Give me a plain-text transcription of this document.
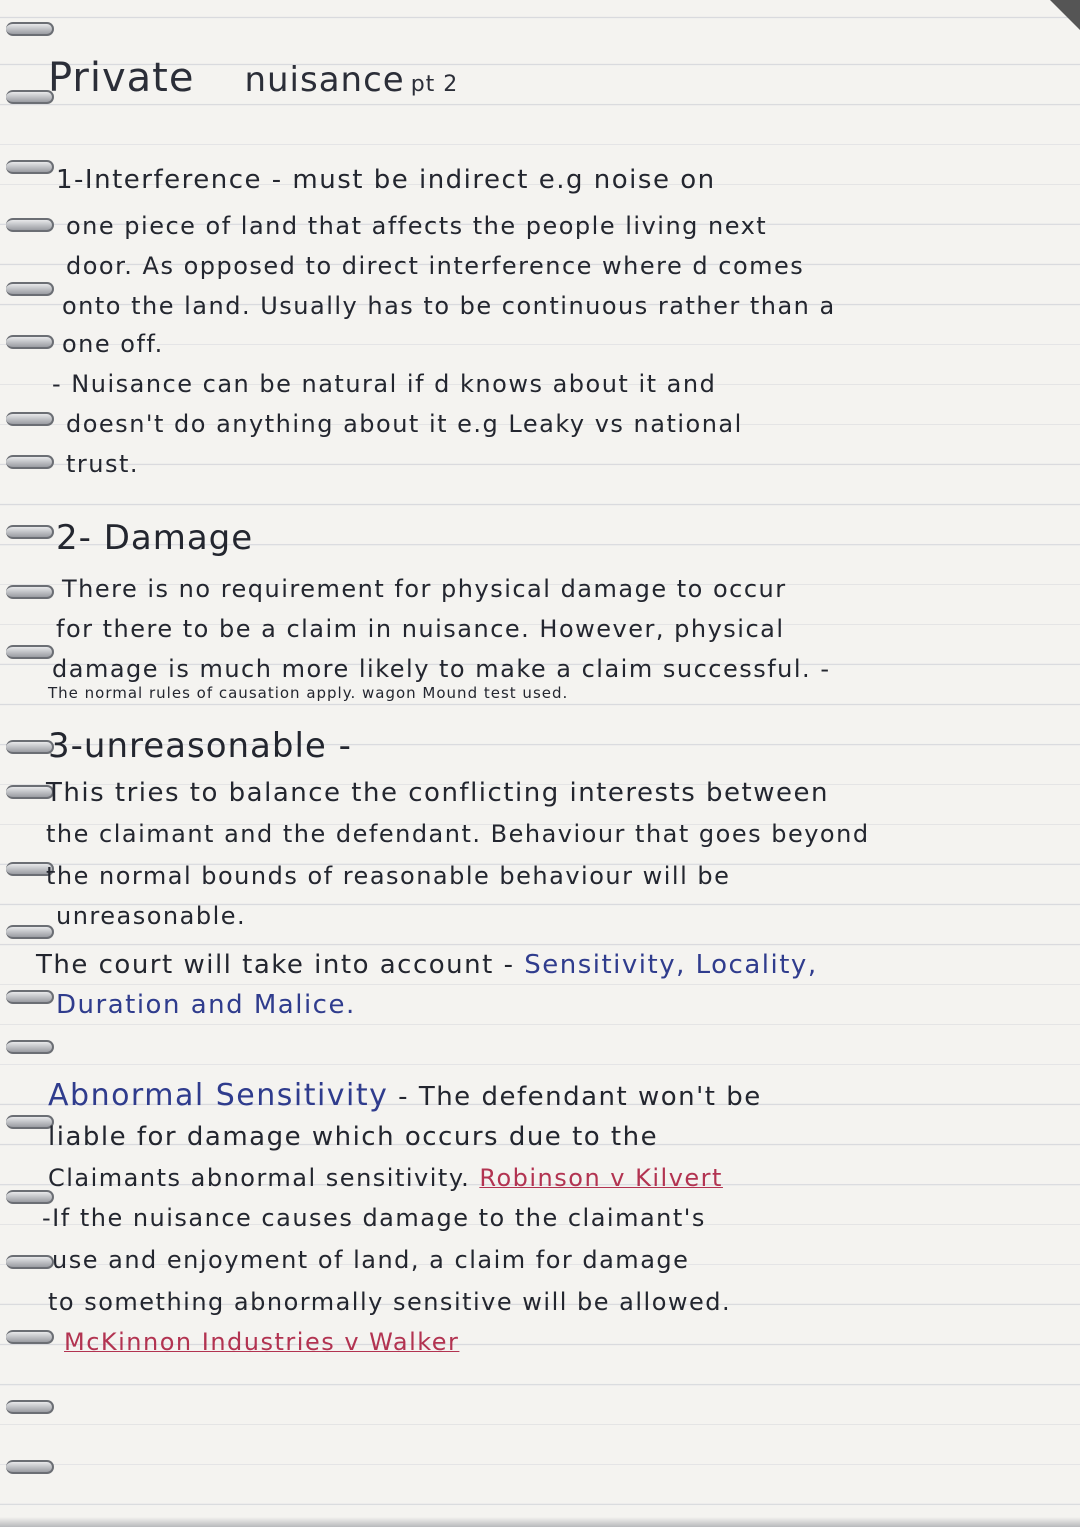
Private nuisance pt 2
1-Interference - must be indirect e.g noise on
one piece of land that affects the people living next
door. As opposed to direct interference where d comes
onto the land. Usually has to be continuous rather than a
one off.
- Nuisance can be natural if d knows about it and
doesn't do anything about it e.g Leaky vs national
trust.
2- Damage
There is no requirement for physical damage to occur
for there to be a claim in nuisance. However, physical
damage is much more likely to make a claim successful. -
The normal rules of causation apply. wagon Mound test used.
3-unreasonable -
This tries to balance the conflicting interests between
the claimant and the defendant. Behaviour that goes beyond
the normal bounds of reasonable behaviour will be
unreasonable.
The court will take into account - Sensitivity, Locality,
Duration and Malice.
Abnormal Sensitivity - The defendant won't be
liable for damage which occurs due to the
Claimants abnormal sensitivity. Robinson v Kilvert
-If the nuisance causes damage to the claimant's
use and enjoyment of land, a claim for damage
to something abnormally sensitive will be allowed.
McKinnon Industries v Walker
